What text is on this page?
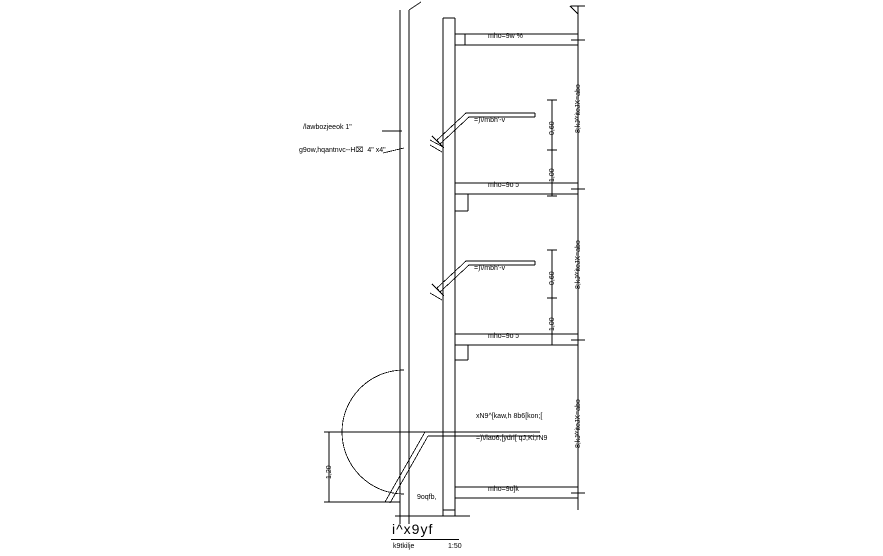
/lawbozjeeok 1"
g9ow,hqantnvc--H⌧  4" x4"
mho=9w %
mho=9o ɔ
mho=9o ɔ
mho=9o]k
=)\/mbh'-v
=)\/mbh'-v
xN9^[kaw,h 8b6[kon;[
=)\/lao6;[ydrl[ qJ,Ki;rN9
9oqfb,
0,60
1,00
0,60
1,00
1,20
8;kJ^'iteJX=abo
8;kJ^'iteJX=abo
8;kJ^'iteJX=abo
i^x9yf
k9tkilje	1:50
